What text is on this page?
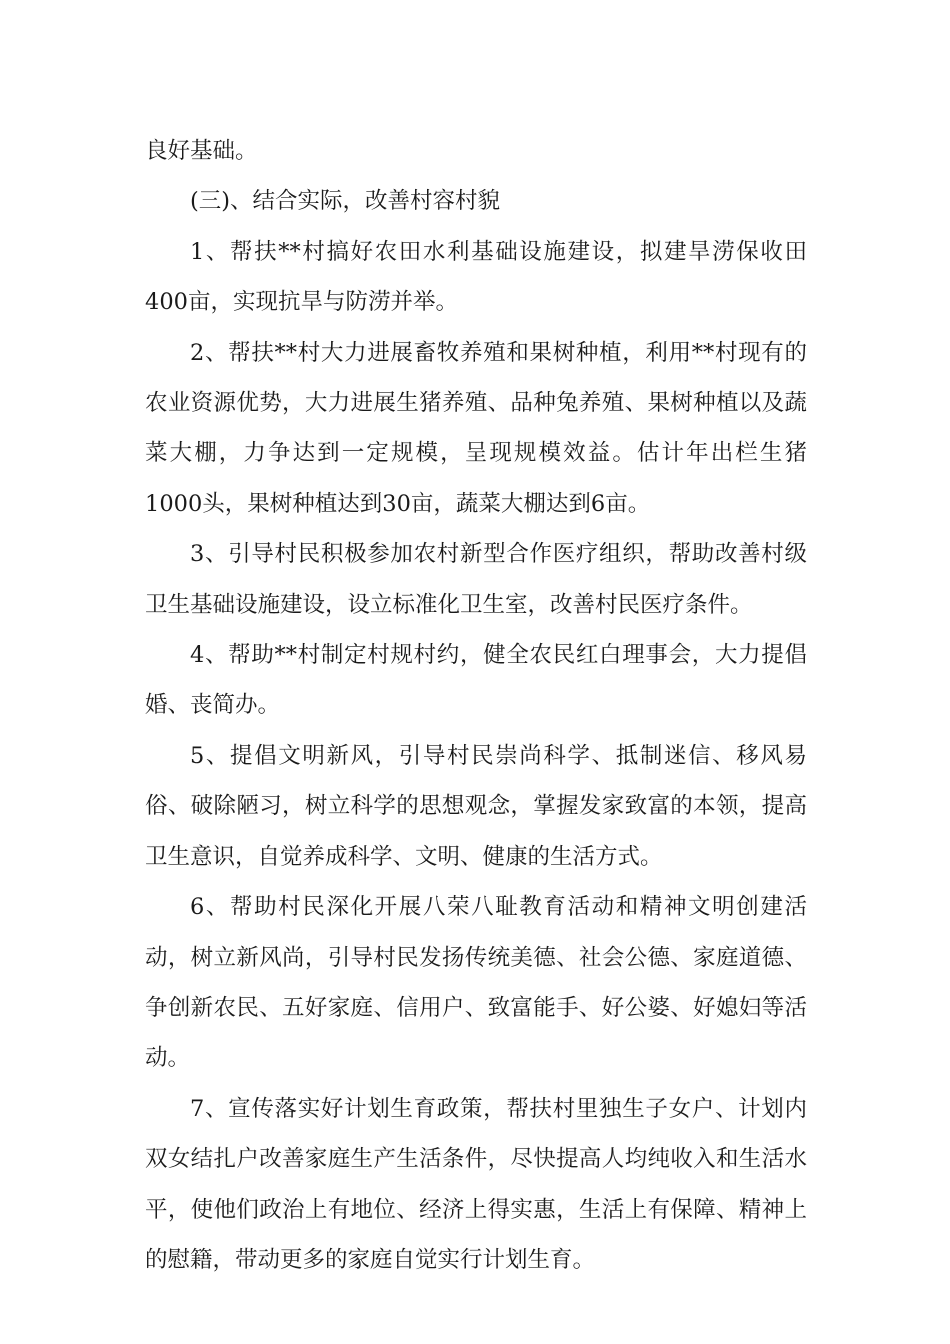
良好基础。

(三)、结合实际，改善村容村貌

1、帮扶**村搞好农田水利基础设施建设，拟建旱涝保收田400亩，实现抗旱与防涝并举。

2、帮扶**村大力进展畜牧养殖和果树种植，利用**村现有的农业资源优势，大力进展生猪养殖、品种兔养殖、果树种植以及蔬菜大棚，力争达到一定规模，呈现规模效益。估计年出栏生猪1000头，果树种植达到30亩，蔬菜大棚达到6亩。

3、引导村民积极参加农村新型合作医疗组织，帮助改善村级卫生基础设施建设，设立标准化卫生室，改善村民医疗条件。

4、帮助**村制定村规村约，健全农民红白理事会，大力提倡婚、丧简办。

5、提倡文明新风，引导村民崇尚科学、抵制迷信、移风易俗、破除陋习，树立科学的思想观念，掌握发家致富的本领，提高卫生意识，自觉养成科学、文明、健康的生活方式。

6、帮助村民深化开展八荣八耻教育活动和精神文明创建活动，树立新风尚，引导村民发扬传统美德、社会公德、家庭道德、争创新农民、五好家庭、信用户、致富能手、好公婆、好媳妇等活动。

7、宣传落实好计划生育政策，帮扶村里独生子女户、计划内双女结扎户改善家庭生产生活条件，尽快提高人均纯收入和生活水平，使他们政治上有地位、经济上得实惠，生活上有保障、精神上的慰籍，带动更多的家庭自觉实行计划生育。
